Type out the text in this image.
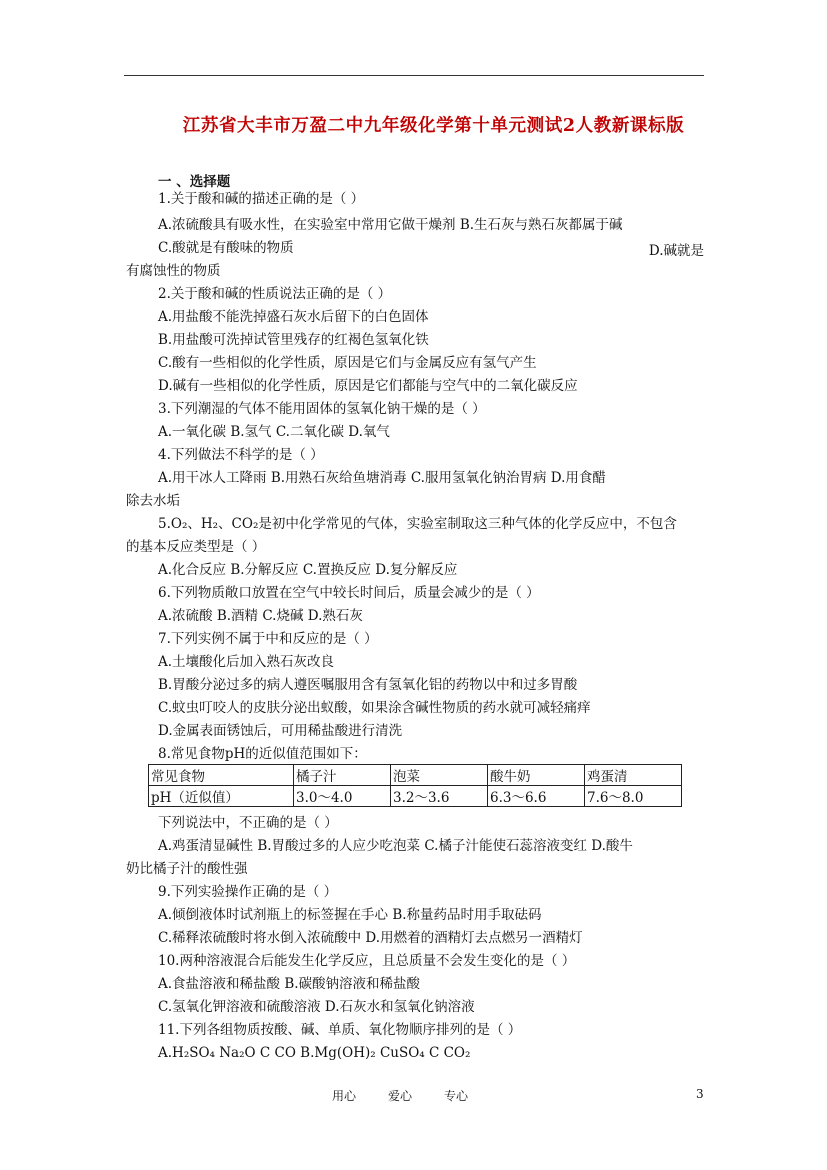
江苏省大丰市万盈二中九年级化学第十单元测试2人教新课标版
一 、选择题
1.关于酸和碱的描述正确的是（ ）
A.浓硫酸具有吸水性，在实验室中常用它做干燥剂 B.生石灰与熟石灰都属于碱
C.酸就是有酸味的物质	D.碱就是
有腐蚀性的物质
2.关于酸和碱的性质说法正确的是（ ）
A.用盐酸不能洗掉盛石灰水后留下的白色固体
B.用盐酸可洗掉试管里残存的红褐色氢氧化铁
C.酸有一些相似的化学性质，原因是它们与金属反应有氢气产生
D.碱有一些相似的化学性质，原因是它们都能与空气中的二氧化碳反应
3.下列潮湿的气体不能用固体的氢氧化钠干燥的是（ ）
A.一氧化碳 B.氢气 C.二氧化碳 D.氧气
4.下列做法不科学的是（ ）
A.用干冰人工降雨 B.用熟石灰给鱼塘消毒 C.服用氢氧化钠治胃病 D.用食醋
除去水垢
5.O₂、H₂、CO₂是初中化学常见的气体，实验室制取这三种气体的化学反应中，不包含
的基本反应类型是（ ）
A.化合反应 B.分解反应 C.置换反应 D.复分解反应
6.下列物质敞口放置在空气中较长时间后，质量会减少的是（ ）
A.浓硫酸 B.酒精 C.烧碱 D.熟石灰
7.下列实例不属于中和反应的是（ ）
A.土壤酸化后加入熟石灰改良
B.胃酸分泌过多的病人遵医嘱服用含有氢氧化铝的药物以中和过多胃酸
C.蚊虫叮咬人的皮肤分泌出蚁酸，如果涂含碱性物质的药水就可减轻痛痒
D.金属表面锈蚀后，可用稀盐酸进行清洗
8.常见食物pH的近似值范围如下：
常见食物	橘子汁	泡菜	酸牛奶	鸡蛋清
pH（近似值）	3.0～4.0	3.2～3.6	6.3～6.6	7.6～8.0
下列说法中，不正确的是（ ）
A.鸡蛋清显碱性 B.胃酸过多的人应少吃泡菜 C.橘子汁能使石蕊溶液变红 D.酸牛
奶比橘子汁的酸性强
9.下列实验操作正确的是（ ）
A.倾倒液体时试剂瓶上的标签握在手心 B.称量药品时用手取砝码
C.稀释浓硫酸时将水倒入浓硫酸中 D.用燃着的酒精灯去点燃另一酒精灯
10.两种溶液混合后能发生化学反应，且总质量不会发生变化的是（ ）
A.食盐溶液和稀盐酸 B.碳酸钠溶液和稀盐酸
C.氢氧化钾溶液和硫酸溶液 D.石灰水和氢氧化钠溶液
11.下列各组物质按酸、碱、单质、氧化物顺序排列的是（ ）
A.H₂SO₄ Na₂O C CO B.Mg(OH)₂ CuSO₄ C CO₂
用心	爱心	专心	3
